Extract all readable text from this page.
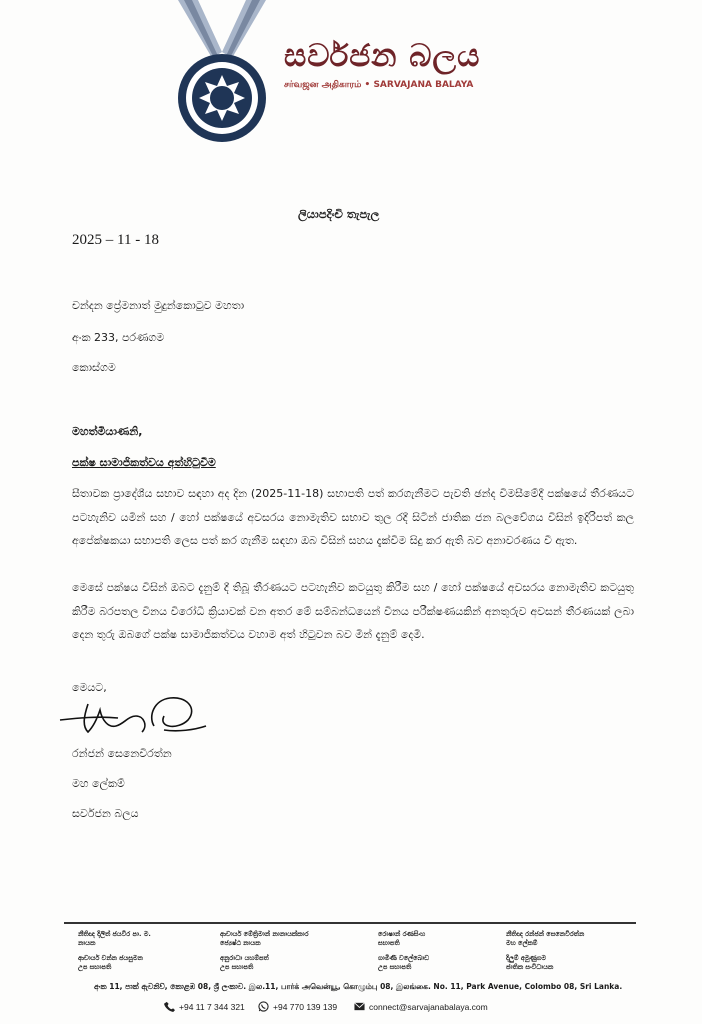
සර්වජන බලය
சர்வஜன அதிகாரம் • SARVAJANA BALAYA
ලියාපදිංචි තැපැල
2025 – 11 - 18
චන්දන ප්‍රේමනාත් මුදුන්කොටුව මහතා
අංක 233, පරණගම
කොස්ගම
මහත්මියාණනි,
පක්ෂ සාමාජිකත්වය අත්හිටුවීම
සීතාවක ප්‍රාදේශීය සභාව සඳහා අද දින (2025-11-18) සභාපති පත් කරගැනීමට පැවති ඡන්ද විමසීමේදී පක්ෂයේ තීරණයට පටහැනිව යමින් සහ / හෝ පක්ෂයේ අවසරය නොමැතිව සභාව තුල රදී සිටින් ජාතික ජන බලවේගය විසින් ඉදිරිපත් කල අපේක්ෂකයා සභාපති ලෙස පත් කර ගැනීම සඳහා ඔබ විසින් සහය දැක්වීම සිදු කර ඇති බව අනාවරණය වී ඇත.
මෙසේ පක්ෂය විසින් ඔබට දැනුම් දී තිබූ තීරණයට පටහැනිව කටයුතු කිරීම සහ / හෝ පක්ෂයේ අවසරය නොමැතිව කටයුතු කිරීම බරපතල විනය විරෝධී ක්‍රියාවක් වන අතර මේ සම්බන්ධයෙන් විනය පරීක්ෂණයකින් අනතුරුව අවසන් තීරණයක් ලබා දෙන තුරු ඔබගේ පක්ෂ සාමාජිකත්වය වහාම අත් හිටුවන බව මින් දැනුම් දෙමි.
මෙයට,
රන්ජන් සෙනෙවිරත්න
මහ ලේකම්
සර්වජන බලය
නීතිඥ දිලිත් ජයවීර පා. ම.
නායක
ආචාර්ය මේත්‍රිමාන් නානායක්කාර
ජ්‍යෙෂ්ඨ නායක
රොෂාන් රණසිංහ
සභාපති
නීතිඥ රන්ජන් සෙනෙවිරත්න
මහ ලේකම්
ආචාර්ය චන්න ජයසුමන
උප සභාපති
අනුරාධා යහම්පත්
උප සභාපති
ගාමිණී වලේබොඩ
උප සභාපති
දිලුම් අමුණුගම
ජාතික සංවිධායක
අංක 11, පාක් ඇවනිව්, කොළඹ 08, ශ්‍රී ලංකාව. இல.11, பார்க் அவென்யூ, கொழும்பு 08, இலங்கை. No. 11, Park Avenue, Colombo 08, Sri Lanka.
+94 11 7 344 321	+94 770 139 139	connect@sarvajanabalaya.com
